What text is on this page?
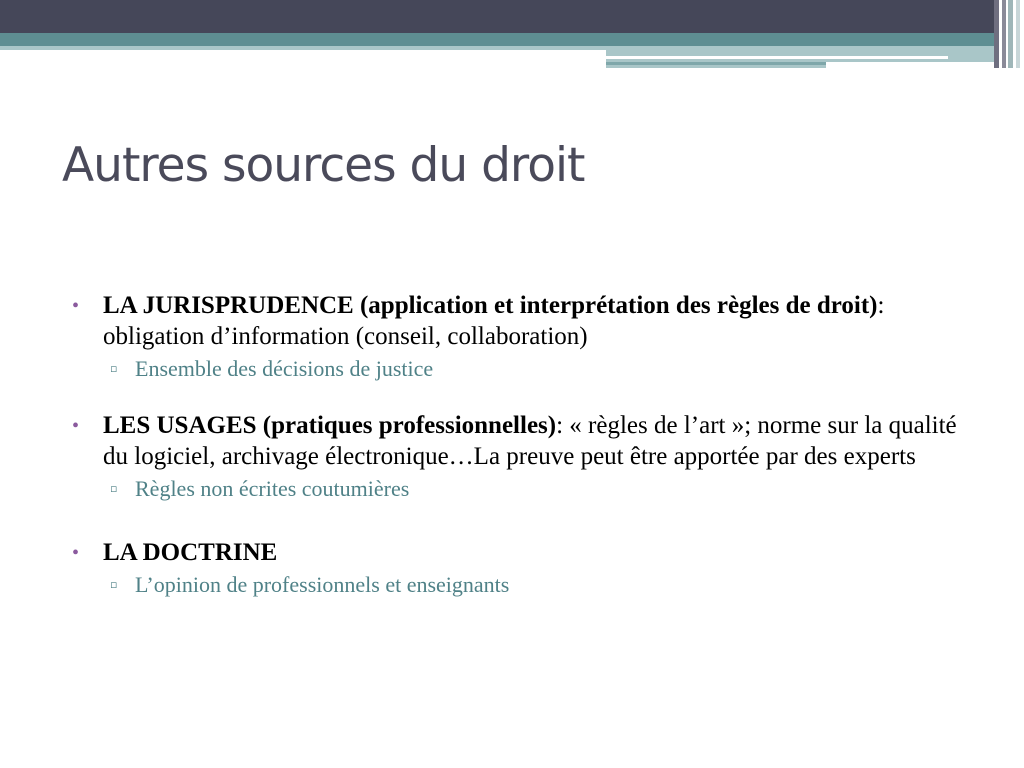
Autres sources du droit
• LA JURISPRUDENCE (application et interprétation des règles de droit): obligation d’information (conseil, collaboration)
▫ Ensemble des décisions de justice
• LES USAGES (pratiques professionnelles): « règles de l’art »; norme sur la qualité du logiciel, archivage électronique…La preuve peut être apportée par des experts
▫ Règles non écrites coutumières
• LA DOCTRINE
▫ L’opinion de professionnels et enseignants
